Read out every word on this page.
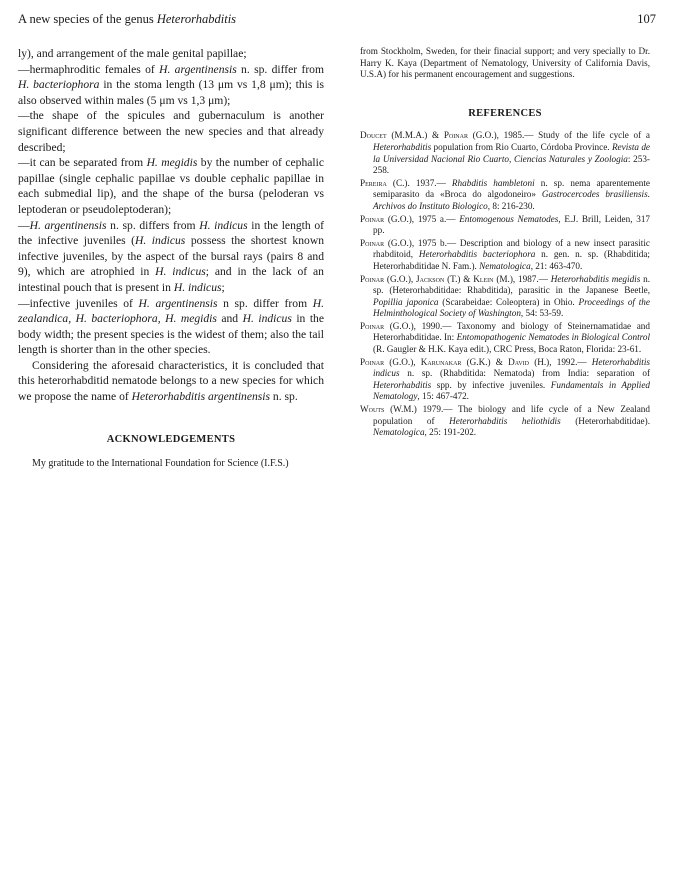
A new species of the genus Heterorhabditis	107

ly), and arrangement of the male genital papillae;

—hermaphroditic females of H. argentinensis n. sp. differ from H. bacteriophora in the stoma length (13 μm vs 1,8 μm); this is also observed within males (5 μm vs 1,3 μm);

—the shape of the spicules and gubernaculum is another significant difference between the new species and that already described;

—it can be separated from H. megidis by the number of cephalic papillae (single cephalic papillae vs double cephalic papillae in each submedial lip), and the shape of the bursa (peloderan vs leptoderan or pseudoleptoderan);

—H. argentinensis n. sp. differs from H. indicus in the length of the infective juveniles (H. indicus possess the shortest known infective juveniles, by the aspect of the bursal rays (pairs 8 and 9), which are atrophied in H. indicus; and in the lack of an intestinal pouch that is present in H. indicus;

—infective juveniles of H. argentinensis n sp. differ from H. zealandica, H. bacteriophora, H. megidis and H. indicus in the body width; the present species is the widest of them; also the tail length is shorter than in the other species.

Considering the aforesaid characteristics, it is concluded that this heterorhabditid nematode belongs to a new species for which we propose the name of Heterorhabditis argentinensis n. sp.

ACKNOWLEDGEMENTS

My gratitude to the International Foundation for Science (I.F.S.)

from Stockholm, Sweden, for their finacial support; and very specially to Dr. Harry K. Kaya (Department of Nematology, University of California Davis, U.S.A) for his permanent encouragement and suggestions.

REFERENCES

Doucet (M.M.A.) & Poinar (G.O.), 1985.— Study of the life cycle of a Heterorhabditis population from Rio Cuarto, Córdoba Province. Revista de la Universidad Nacional Rio Cuarto, Ciencias Naturales y Zoologia: 253-258.

Pereira (C.). 1937.— Rhabditis hambletoni n. sp. nema aparentemente semiparasito da «Broca do algodoneiro» Gastrocercodes brasiliensis. Archivos do Instituto Biologico, 8: 216-230.

Poinar (G.O.), 1975 a.— Entomogenous Nematodes, E.J. Brill, Leiden, 317 pp.

Poinar (G.O.), 1975 b.— Description and biology of a new insect parasitic rhabditoid, Heterorhabditis bacteriophora n. gen. n. sp. (Rhabditida; Heterorhabditidae N. Fam.). Nematologica, 21: 463-470.

Poinar (G.O.), Jackson (T.) & Klein (M.), 1987.— Heterorhabditis megidis n. sp. (Heterorhabditidae: Rhabditida), parasitic in the Japanese Beetle, Popillia japonica (Scarabeidae: Coleoptera) in Ohio. Proceedings of the Helminthological Society of Washington, 54: 53-59.

Poinar (G.O.), 1990.— Taxonomy and biology of Steinernamatidae and Heterorhabditidae. In: Entomopathogenic Nematodes in Biological Control (R. Gaugler & H.K. Kaya edit.), CRC Press, Boca Raton, Florida: 23-61.

Poinar (G.O.), Karunakar (G.K.) & David (H.), 1992.— Heterorhabditis indicus n. sp. (Rhabditida: Nematoda) from India: separation of Heterorhabditis spp. by infective juveniles. Fundamentals in Applied Nematology, 15: 467-472.

Wouts (W.M.) 1979.— The biology and life cycle of a New Zealand population of Heterorhabditis heliothidis (Heterorhabditidae). Nematologica, 25: 191-202.
